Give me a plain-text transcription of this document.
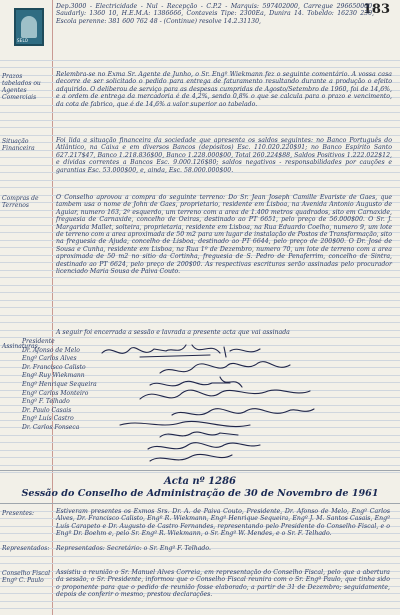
183
SELO
Dep.3000 - Electricidade - Nul - Recepção - C.P.2 - Marquis: 597402000, Carregue 296650000, Saudarly: 1360 10, H.E.M.A: 1386666, Contaveis Tipe: 2300Ea, Dunira 14. Tobeldo: 16230 230, Escola perenne: 381 600 762 48 - (Continue) resolve 14.2.31130,
Prazos tabelados ou Agentes Comerciais
Relembra-se no Exma Sr. Agente de Junho, o Sr. Engº Wiekmann fez o seguinte comentário. A vossa casa decorre de ser solicitado o pedido para entrega de faturamento resultando durante a produção o efeito adquirido. O deliberou de serviço para as despesas cumpridas de Agosto/Setembro de 1960, foi de 14,6%, e a ordem de entrega da mercadoria é de 4,2%, sendo 0,8% o que se calcula para o prazo e vencimento, da cota de fabrico, que é de 14,6% a valor superior ao tabelado.
Situação Financeira
Foi lida a situação financeira da sociedade que apresenta os saldos seguintes: no Banco Português do Atlântico, na Caixa e em diversos Bancos (depósitos) Esc. 110.020.220$91; no Banco Espírito Santo 627.217$47, Banco 1.218.836$00, Banco 1.228.000$00, Total 260.224$88, Saldos Positivos 1.222.022$12, e dívidas correntes a Bancos Esc. 9.000.126$80; saldos negativos - responsabilidades por cauções e garantias Esc. 53.000$00, e, ainda, Esc. 58.000.000$00.
Compras de Terrenos
O Conselho aprovou a compra do seguinte terreno: Do Sr. Jean Joseph Camille Evariste de Gaes, que tambem usa o nome de John de Gaes, proprietario, residente em Lisboa, na Avenida Antonio Augusto de Aguiar, numero 163, 2º esquerdo, um terreno com a area de 1.400 metros quadrados, sito em Carnaxide, freguesia de Carnaxide, concelho de Oeiras, destinado ao PT 6651, pelo preço de 56.000$00. O Sr. J. Margarida Mallet, solteira, proprietaria, residente em Lisboa, na Rua Eduardo Coelho, numero 9, um lote de terreno com a area aproximada de 50 m2 para um lugar de instalação de Postos de Transformação, sito na freguesia de Ajuda, concelho de Lisboa, destinado ao PT 6644, pelo preço de 200$00. O Dr. José de Sousa e Cunha, residente em Lisboa, na Rua 1º de Dezembro, numero 70, um lote de terreno com a area aproximada de 50 m2 no sitio da Cortinha, freguesia de S. Pedro de Penaferrim, concelho de Sintra, destinado ao PT 6624, pelo preço de 200$00. As respectivas escrituras serão assinadas pelo procurador licenciado Maria Sousa de Paiva Couto.
Assinaturas
A seguir foi encerrada a sessão e lavrada a presente acta que vai assinada
Presidente
Dr. Afonso de Melo
Engº Carlos Alves
Dr. Francisco Calisto
Engº Ruy Wiekmann
Engº Henrique Sequeira
Engº Carlos Monteiro
Engº F. Telhado
Dr. Paulo Casais
Engº Luís Castro
Dr. Carlos Fonseca
Acta nº 1286
Sessão do Conselho de Administração de 30 de Novembro de 1961
Presentes:	Estiveram presentes os Exmos Srs. Dr. A. de Paiva Couto, Presidente, Dr. Afonso de Melo, Engº Carlos Alves, Dr. Francisco Calisto, Engº R. Wiekmann, Engº Henrique Sequeira, Engº J. M. Santos Casais, Engº Luís Carapeto e Dr. Augusto de Castro Fernandes, representando pelo Presidente do Conselho Fiscal, e o Engº Dr. Boehm e, pelo Sr. Engº R. Wiekmann, o Sr. Engº W. Mendes, e o Sr. F. Telhado.
Representados:	Representados: Secretário: o Sr. Engº F. Telhado.
Conselho Fiscal Engº C. Paulo
Assistiu a reunião o Sr. Manuel Alves Correia, em representação do Conselho Fiscal, pelo que a abertura da sessão, o Sr. Presidente, informou que o Conselho Fiscal reunira com o Sr. Engº Paulo, que tinha sido o proponente para que o pedido de reunião fosse elaborado, a partir de 31 de Dezembro; seguidamente, depois de conferir o mesmo, prestou declarações.
